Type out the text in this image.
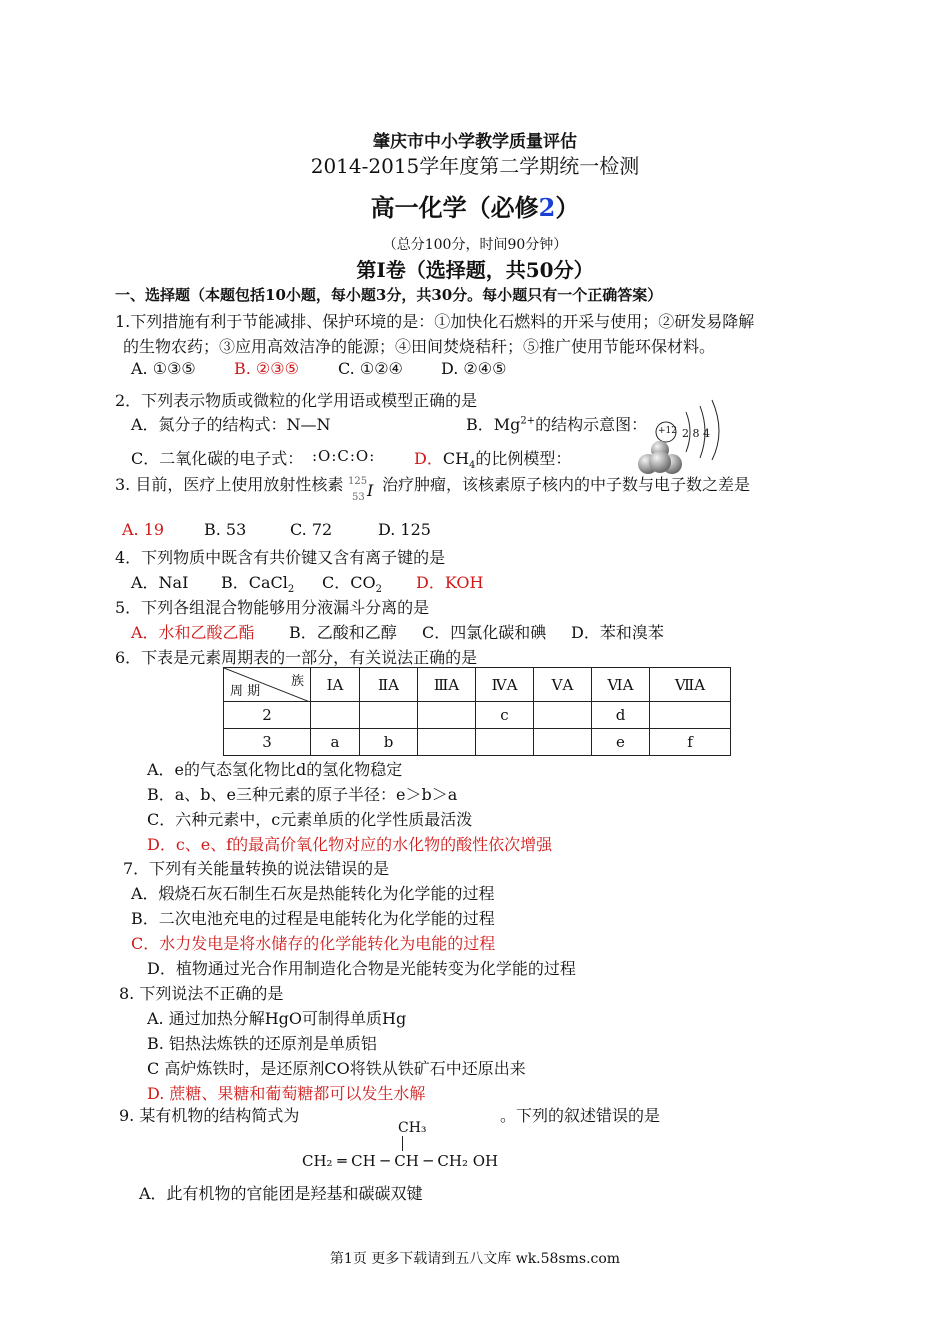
肇庆市中小学教学质量评估
2014-2015学年度第二学期统一检测
高一化学（必修2）
（总分100分，时间90分钟）
第Ⅰ卷（选择题，共50分）
一、选择题（本题包括10小题，每小题3分，共30分。每小题只有一个正确答案）
1.下列措施有利于节能减排、保护环境的是：①加快化石燃料的开采与使用；②研发易降解
的生物农药；③应用高效洁净的能源；④田间焚烧秸秆；⑤推广使用节能环保材料。
A. ①③⑤ B. ②③⑤ C. ①②④ D. ②④⑤
2．下列表示物质或微粒的化学用语或模型正确的是
A．氮分子的结构式：N—N	B．$Mg^{2+}$的结构示意图： +12 2 8 4
C．二氧化碳的电子式： :O:C:O: D．$CH_4$的比例模型：
3. 目前，医疗上使用放射性核素 125
53 I 治疗肿瘤，该核素原子核内的中子数与电子数之差是
A. 19 B. 53	C. 72	D. 125
4．下列物质中既含有共价键又含有离子键的是
A．NaI B．CaCl$_2$ C．$CO_2$ D．KOH
5．下列各组混合物能够用分液漏斗分离的是
A．水和乙酸乙酯 B．乙酸和乙醇 C．四氯化碳和碘 D．苯和溴苯
6．下表是元素周期表的一部分，有关说法正确的是
族
周 期	IA	ⅡA	ⅢA	ⅣA	ⅤA	ⅥA	ⅦA
2				c		d	
3	a	b				e	f
A．e的气态氢化物比d的氢化物稳定
B．a、b、e三种元素的原子半径：e＞b＞a
C．六种元素中，c元素单质的化学性质最活泼
D．c、e、f的最高价氧化物对应的水化物的酸性依次增强
7．下列有关能量转换的说法错误的是
A．煅烧石灰石制生石灰是热能转化为化学能的过程
B．二次电池充电的过程是电能转化为化学能的过程
C．水力发电是将水储存的化学能转化为电能的过程
D．植物通过光合作用制造化合物是光能转变为化学能的过程
8. 下列说法不正确的是
A. 通过加热分解HgO可制得单质Hg
B. 铝热法炼铁的还原剂是单质铝
C 高炉炼铁时，是还原剂CO将铁从铁矿石中还原出来
D. 蔗糖、果糖和葡萄糖都可以发生水解
9. 某有机物的结构简式为	。下列的叙述错误的是
CH₃
CH₂ ═ CH ─ CH ─ CH₂ OH
A．此有机物的官能团是羟基和碳碳双键
第1页 更多下载请到五八文库 wk.58sms.com
